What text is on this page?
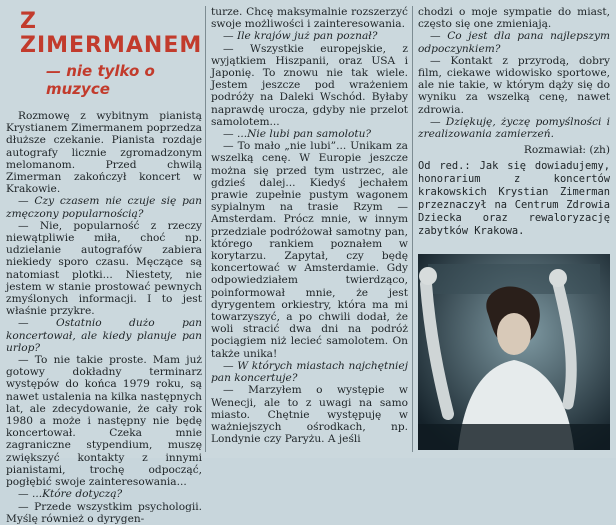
Z ZIMERMANEM
— nie tylko o muzyce

Rozmowę z wybitnym pianistą Krystianem Zimermanem poprzedza dłuższe czekanie. Pianista rozdaje autografy licznie zgromadzonym melomanom. Przed chwilą Zimerman zakończył koncert w Krakowie.

— Czy czasem nie czuje się pan zmęczony popularnością?

— Nie, popularność z rzeczy niewątpliwie miła, choć np. udzielanie autografów zabiera niekiedy sporo czasu. Męczące są natomiast plotki... Niestety, nie jestem w stanie prostować pewnych zmyślonych informacji. I to jest właśnie przykre.

— Ostatnio dużo pan koncertował, ale kiedy planuje pan urlop?

— To nie takie proste. Mam już gotowy dokładny terminarz występów do końca 1979 roku, są nawet ustalenia na kilka następnych lat, ale zdecydowanie, że cały rok 1980 a może i następny nie będę koncertował. Czeka mnie zagraniczne stypendium, muszę zwiększyć kontakty z innymi pianistami, trochę odpocząć, pogłębić swoje zainteresowania...

— ...Które dotyczą?

— Przede wszystkim psychologii. Myślę również o dyrygen-

turze. Chcę maksymalnie rozszerzyć swoje możliwości i zainteresowania.

— Ile krajów już pan poznał?

— Wszystkie europejskie, z wyjątkiem Hiszpanii, oraz USA i Japonię. To znowu nie tak wiele. Jestem jeszcze pod wrażeniem podróży na Daleki Wschód. Byłaby naprawdę urocza, gdyby nie przelot samolotem...

— ...Nie lubi pan samolotu?

— To mało „nie lubi”... Unikam za wszelką cenę. W Europie jeszcze można się przed tym ustrzec, ale gdzieś dalej... Kiedyś jechałem prawie zupełnie pustym wagonem sypialnym na trasie Rzym — Amsterdam. Prócz mnie, w innym przedziale podróżował samotny pan, którego rankiem poznałem w korytarzu. Zapytał, czy będę koncertować w Amsterdamie. Gdy odpowiedziałem twierdząco, poinformował mnie, że jest dyrygentem orkiestry, która ma mi towarzyszyć, a po chwili dodał, że woli stracić dwa dni na podróż pociągiem niż lecieć samolotem. On także unika!

— W których miastach najchętniej pan koncertuje?

— Marzyłem o występie w Wenecji, ale to z uwagi na samo miasto. Chętnie występuję w ważniejszych ośrodkach, np. Londynie czy Paryżu. A jeśli

chodzi o moje sympatie do miast, często się one zmieniają.

— Co jest dla pana najlepszym odpoczynkiem?

— Kontakt z przyrodą, dobry film, ciekawe widowisko sportowe, ale nie takie, w którym dąży się do wyniku za wszelką cenę, nawet zdrowia.

— Dziękuję, życzę pomyślności i zrealizowania zamierzeń.

Rozmawiał: (zh)

Od red.: Jak się dowiadujemy, honorarium z koncertów krakowskich Krystian Zimerman przeznaczył na Centrum Zdrowia Dziecka oraz rewaloryzację zabytków Krakowa.
